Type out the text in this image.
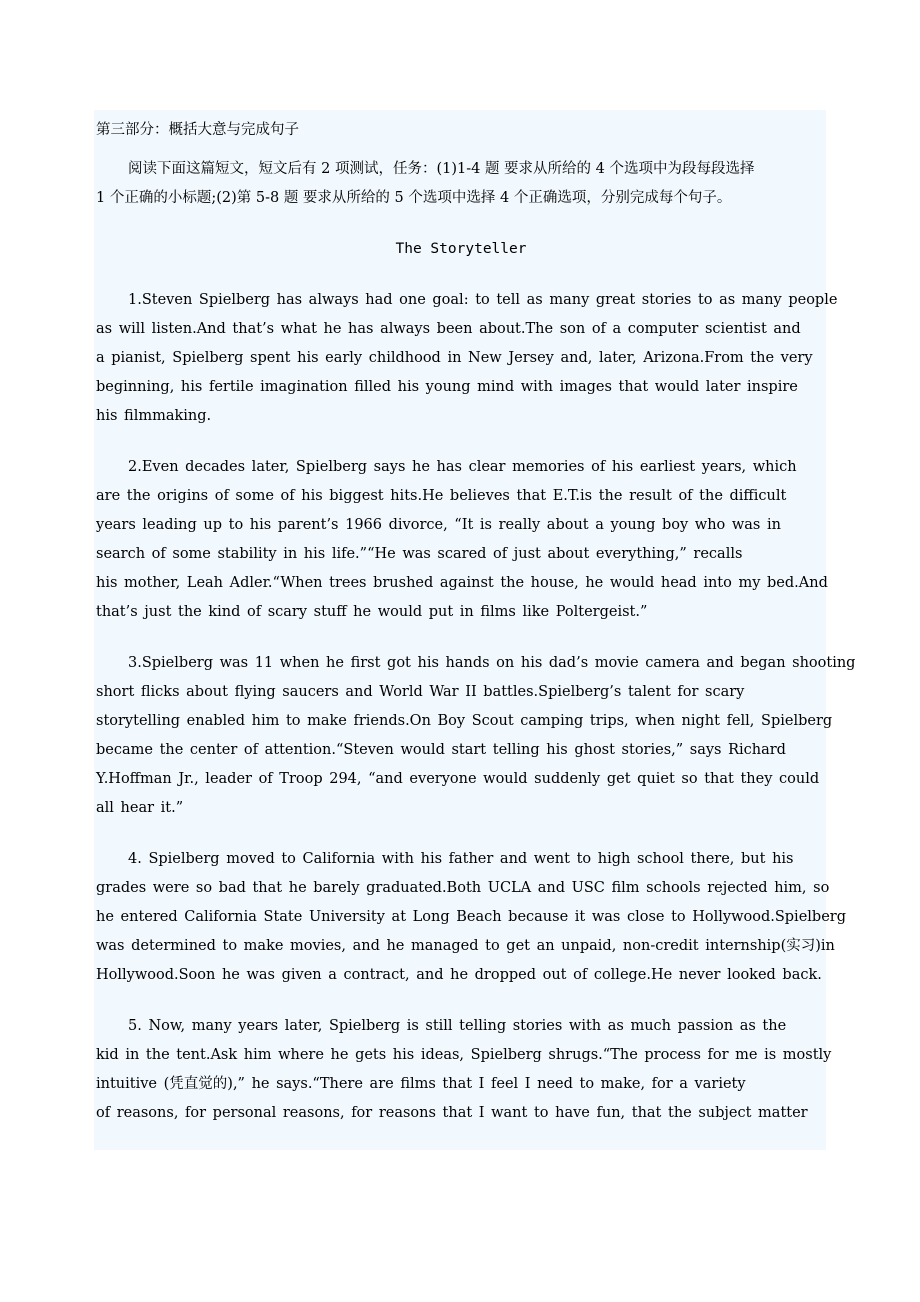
第三部分：概括大意与完成句子
阅读下面这篇短文，短文后有 2 项测试，任务：(1)1-4 题 要求从所给的 4 个选项中为段每段选择
1 个正确的小标题;(2)第 5-8 题 要求从所给的 5 个选项中选择 4 个正确选项，分别完成每个句子。
The Storyteller
1.Steven Spielberg has always had one goal: to tell as many great stories to as many people
as will listen.And that’s what he has always been about.The son of a computer scientist and
a pianist, Spielberg spent his early childhood in New Jersey and, later, Arizona.From the very
beginning, his fertile imagination filled his young mind with images that would later inspire
his filmmaking.
2.Even decades later, Spielberg says he has clear memories of his earliest years, which
are the origins of some of his biggest hits.He believes that E.T.is the result of the difficult
years leading up to his parent’s 1966 divorce, “It is really about a young boy who was in
search of some stability in his life.”“He was scared of just about everything,” recalls
his mother, Leah Adler.“When trees brushed against the house, he would head into my bed.And
that’s just the kind of scary stuff he would put in films like Poltergeist.”
3.Spielberg was 11 when he first got his hands on his dad’s movie camera and began shooting
short flicks about flying saucers and World War ⅠⅠ battles.Spielberg’s talent for scary
storytelling enabled him to make friends.On Boy Scout camping trips, when night fell, Spielberg
became the center of attention.“Steven would start telling his ghost stories,” says Richard
Y.Hoffman Jr., leader of Troop 294, “and everyone would suddenly get quiet so that they could
all hear it.”
4. Spielberg moved to California with his father and went to high school there, but his
grades were so bad that he barely graduated.Both UCLA and USC film schools rejected him, so
he entered California State University at Long Beach because it was close to Hollywood.Spielberg
was determined to make movies, and he managed to get an unpaid, non-credit internship(实习)in
Hollywood.Soon he was given a contract, and he dropped out of college.He never looked back.
5. Now, many years later, Spielberg is still telling stories with as much passion as the
kid in the tent.Ask him where he gets his ideas, Spielberg shrugs.“The process for me is mostly
intuitive (凭直觉的),” he says.“There are films that I feel I need to make, for a variety
of reasons, for personal reasons, for reasons that I want to have fun, that the subject matter
